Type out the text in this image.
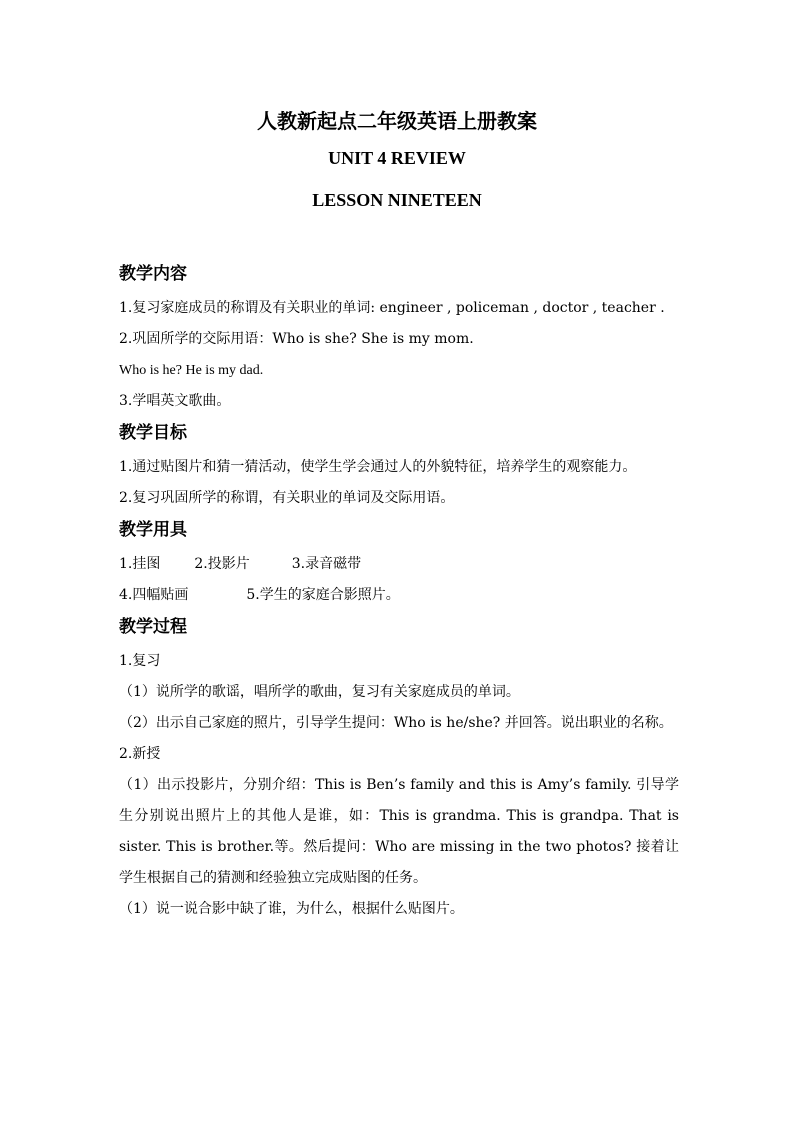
人教新起点二年级英语上册教案
UNIT 4 REVIEW
LESSON NINETEEN

教学内容

1.复习家庭成员的称谓及有关职业的单词: engineer , policeman , doctor , teacher .

2.巩固所学的交际用语：Who is she? She is my mom.

Who is he? He is my dad.

3.学唱英文歌曲。

教学目标

1.通过贴图片和猜一猜活动，使学生学会通过人的外貌特征，培养学生的观察能力。

2.复习巩固所学的称谓，有关职业的单词及交际用语。

教学用具

1.挂图 2.投影片	3.录音磁带

4.四幅贴画	5.学生的家庭合影照片。

教学过程

1.复习

（1）说所学的歌谣，唱所学的歌曲，复习有关家庭成员的单词。

（2）出示自己家庭的照片，引导学生提问：Who is he/she? 并回答。说出职业的名称。

2.新授

（1）出示投影片，分别介绍：This is Ben’s family and this is Amy’s family. 引导学生分别说出照片上的其他人是谁，如：This is grandma. This is grandpa. That is sister. This is brother.等。然后提问：Who are missing in the two photos? 接着让学生根据自己的猜测和经验独立完成贴图的任务。

（1）说一说合影中缺了谁，为什么，根据什么贴图片。
